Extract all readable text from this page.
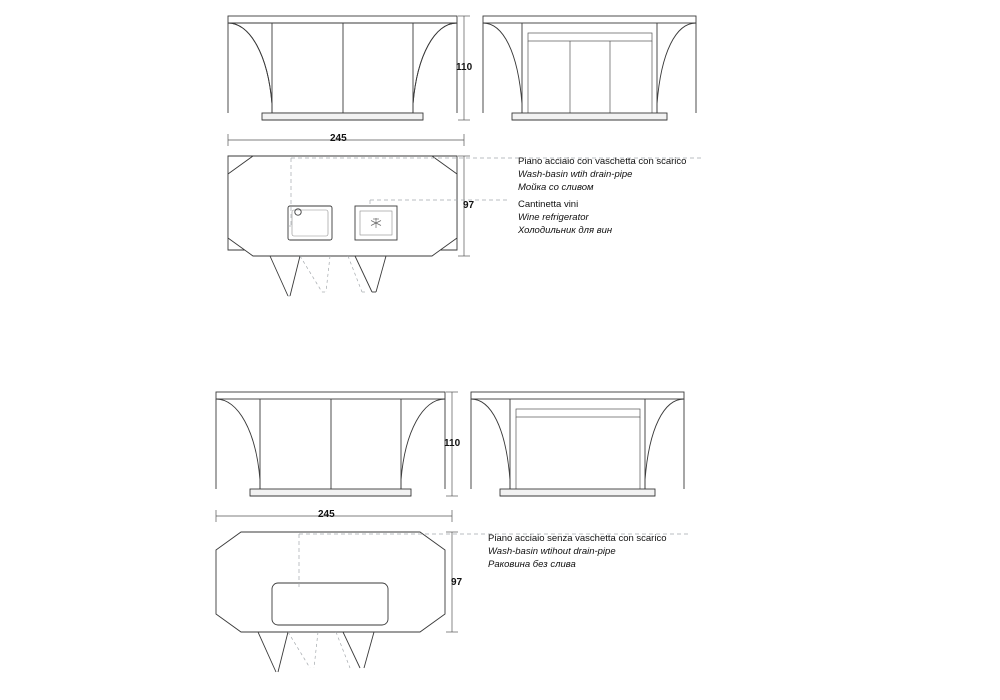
110
245
97
110
245
97
Piano acciaio con vaschetta con scarico
Wash-basin wtih drain-pipe
Мойка со сливом
Cantinetta vini
Wine refrigerator
Холодильник для вин
Piano acciaio senza vaschetta con scarico
Wash-basin wtihout drain-pipe
Раковина без слива
